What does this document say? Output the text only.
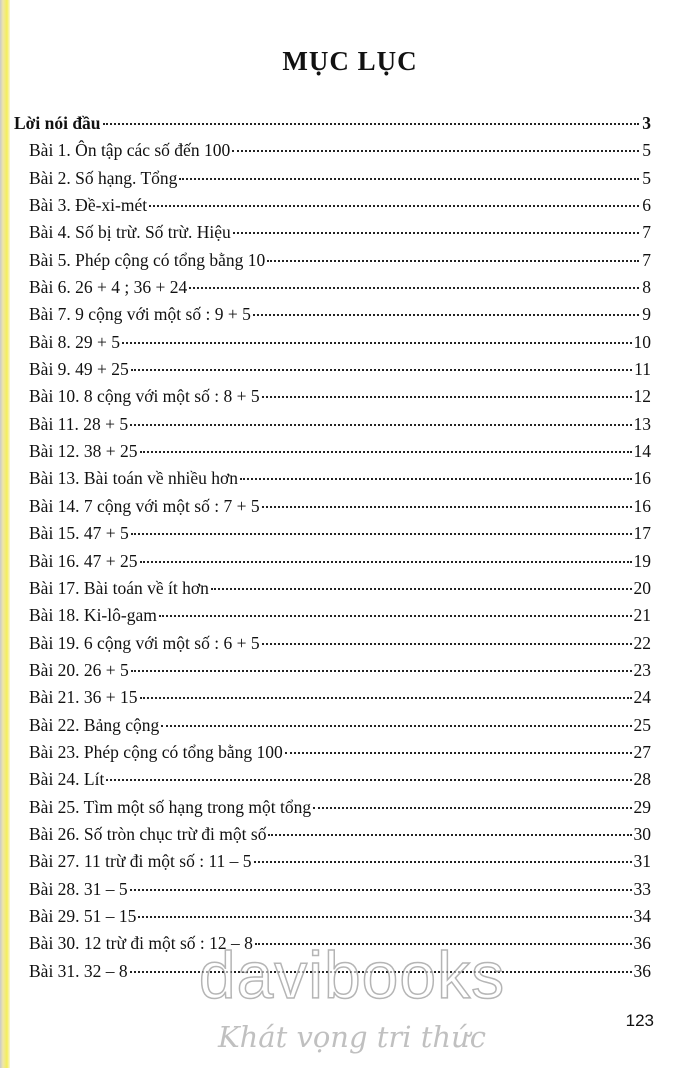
MỤC LỤC
Lời nói đầu	3
Bài 1. Ôn tập các số đến 100	5
Bài 2. Số hạng. Tổng	5
Bài 3. Đề-xi-mét	6
Bài 4. Số bị trừ. Số trừ. Hiệu	7
Bài 5. Phép cộng có tổng bằng 10	7
Bài 6. 26 + 4 ; 36 + 24	8
Bài 7. 9 cộng với một số : 9 + 5	9
Bài 8. 29 + 5	10
Bài 9. 49 + 25	11
Bài 10. 8 cộng với một số : 8 + 5	12
Bài 11. 28 + 5	13
Bài 12. 38 + 25	14
Bài 13. Bài toán về nhiều hơn	16
Bài 14. 7 cộng với một số : 7 + 5	16
Bài 15. 47 + 5	17
Bài 16. 47 + 25	19
Bài 17. Bài toán về ít hơn	20
Bài 18. Ki-lô-gam	21
Bài 19. 6 cộng với một số : 6 + 5	22
Bài 20. 26 + 5	23
Bài 21. 36 + 15	24
Bài 22. Bảng cộng	25
Bài 23. Phép cộng có tổng bằng 100	27
Bài 24. Lít	28
Bài 25. Tìm một số hạng trong một tổng	29
Bài 26. Số tròn chục trừ đi một số	30
Bài 27. 11 trừ đi một số : 11 – 5	31
Bài 28. 31 – 5	33
Bài 29. 51 – 15	34
Bài 30. 12 trừ đi một số : 12 – 8	36
Bài 31. 32 – 8	36
123
davibooks
Khát vọng tri thức
